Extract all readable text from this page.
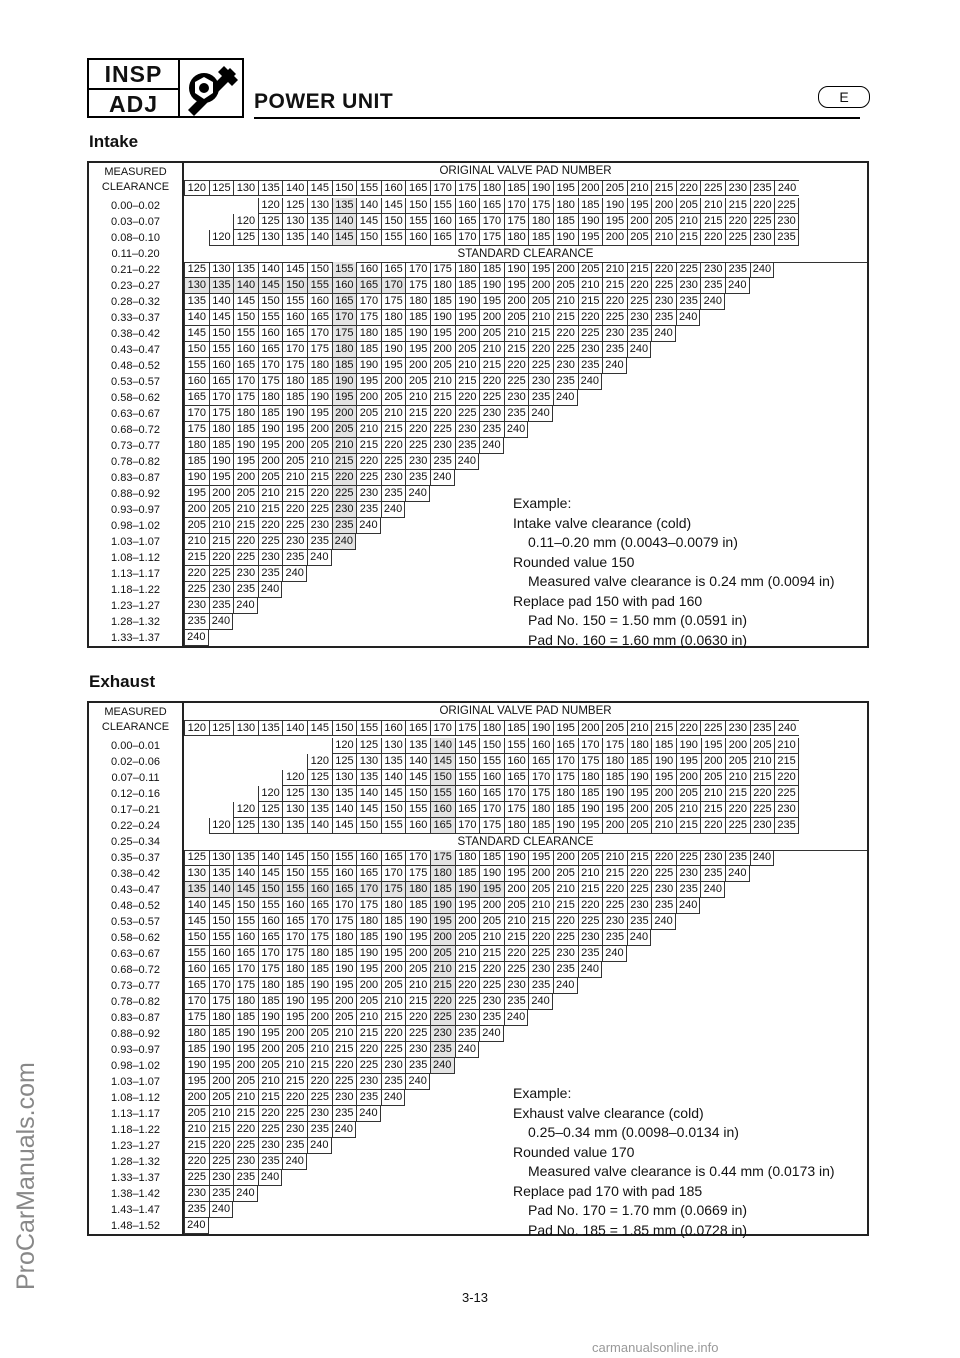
ProCarManuals.com
INSP
ADJ	POWER UNIT	E
Intake
MEASURED CLEARANCE
ORIGINAL VALVE PAD NUMBER
120 125 130 135 140 145 150 155 160 165 170 175 180 185 190 195 200 205 210 215 220 225 230 235 240
0.00–0.02	120 125 130 135 140 145 150 155 160 165 170 175 180 185 190 195 200 205 210 215 220 225
0.03–0.07	120 125 130 135 140 145 150 155 160 165 170 175 180 185 190 195 200 205 210 215 220 225 230
0.08–0.10	120 125 130 135 140 145 150 155 160 165 170 175 180 185 190 195 200 205 210 215 220 225 230 235
0.11–0.20	STANDARD CLEARANCE
0.21–0.22	125 130 135 140 145 150 155 160 165 170 175 180 185 190 195 200 205 210 215 220 225 230 235 240
0.23–0.27	130 135 140 145 150 155 160 165 170 175 180 185 190 195 200 205 210 215 220 225 230 235 240
0.28–0.32	135 140 145 150 155 160 165 170 175 180 185 190 195 200 205 210 215 220 225 230 235 240
0.33–0.37	140 145 150 155 160 165 170 175 180 185 190 195 200 205 210 215 220 225 230 235 240
0.38–0.42	145 150 155 160 165 170 175 180 185 190 195 200 205 210 215 220 225 230 235 240
0.43–0.47	150 155 160 165 170 175 180 185 190 195 200 205 210 215 220 225 230 235 240
0.48–0.52	155 160 165 170 175 180 185 190 195 200 205 210 215 220 225 230 235 240
0.53–0.57	160 165 170 175 180 185 190 195 200 205 210 215 220 225 230 235 240
0.58–0.62	165 170 175 180 185 190 195 200 205 210 215 220 225 230 235 240
0.63–0.67	170 175 180 185 190 195 200 205 210 215 220 225 230 235 240
0.68–0.72	175 180 185 190 195 200 205 210 215 220 225 230 235 240
0.73–0.77	180 185 190 195 200 205 210 215 220 225 230 235 240
0.78–0.82	185 190 195 200 205 210 215 220 225 230 235 240
0.83–0.87	190 195 200 205 210 215 220 225 230 235 240
0.88–0.92	195 200 205 210 215 220 225 230 235 240
0.93–0.97	200 205 210 215 220 225 230 235 240
0.98–1.02	205 210 215 220 225 230 235 240
1.03–1.07	210 215 220 225 230 235 240
1.08–1.12	215 220 225 230 235 240
1.13–1.17	220 225 230 235 240
1.18–1.22	225 230 235 240
1.23–1.27	230 235 240
1.28–1.32	235 240
1.33–1.37	240
Example:
Intake valve clearance (cold)
0.11–0.20 mm (0.0043–0.0079 in)
Rounded value 150
Measured valve clearance is 0.24 mm (0.0094 in)
Replace pad 150 with pad 160
Pad No. 150 = 1.50 mm (0.0591 in)
Pad No. 160 = 1.60 mm (0.0630 in)
Exhaust
MEASURED CLEARANCE
ORIGINAL VALVE PAD NUMBER
120 125 130 135 140 145 150 155 160 165 170 175 180 185 190 195 200 205 210 215 220 225 230 235 240
0.00–0.01	120 125 130 135 140 145 150 155 160 165 170 175 180 185 190 195 200 205 210
0.02–0.06	120 125 130 135 140 145 150 155 160 165 170 175 180 185 190 195 200 205 210 215
0.07–0.11	120 125 130 135 140 145 150 155 160 165 170 175 180 185 190 195 200 205 210 215 220
0.12–0.16	120 125 130 135 140 145 150 155 160 165 170 175 180 185 190 195 200 205 210 215 220 225
0.17–0.21	120 125 130 135 140 145 150 155 160 165 170 175 180 185 190 195 200 205 210 215 220 225 230
0.22–0.24	120 125 130 135 140 145 150 155 160 165 170 175 180 185 190 195 200 205 210 215 220 225 230 235
0.25–0.34	STANDARD CLEARANCE
0.35–0.37	125 130 135 140 145 150 155 160 165 170 175 180 185 190 195 200 205 210 215 220 225 230 235 240
0.38–0.42	130 135 140 145 150 155 160 165 170 175 180 185 190 195 200 205 210 215 220 225 230 235 240
0.43–0.47	135 140 145 150 155 160 165 170 175 180 185 190 195 200 205 210 215 220 225 230 235 240
0.48–0.52	140 145 150 155 160 165 170 175 180 185 190 195 200 205 210 215 220 225 230 235 240
0.53–0.57	145 150 155 160 165 170 175 180 185 190 195 200 205 210 215 220 225 230 235 240
0.58–0.62	150 155 160 165 170 175 180 185 190 195 200 205 210 215 220 225 230 235 240
0.63–0.67	155 160 165 170 175 180 185 190 195 200 205 210 215 220 225 230 235 240
0.68–0.72	160 165 170 175 180 185 190 195 200 205 210 215 220 225 230 235 240
0.73–0.77	165 170 175 180 185 190 195 200 205 210 215 220 225 230 235 240
0.78–0.82	170 175 180 185 190 195 200 205 210 215 220 225 230 235 240
0.83–0.87	175 180 185 190 195 200 205 210 215 220 225 230 235 240
0.88–0.92	180 185 190 195 200 205 210 215 220 225 230 235 240
0.93–0.97	185 190 195 200 205 210 215 220 225 230 235 240
0.98–1.02	190 195 200 205 210 215 220 225 230 235 240
1.03–1.07	195 200 205 210 215 220 225 230 235 240
1.08–1.12	200 205 210 215 220 225 230 235 240
1.13–1.17	205 210 215 220 225 230 235 240
1.18–1.22	210 215 220 225 230 235 240
1.23–1.27	215 220 225 230 235 240
1.28–1.32	220 225 230 235 240
1.33–1.37	225 230 235 240
1.38–1.42	230 235 240
1.43–1.47	235 240
1.48–1.52	240
Example:
Exhaust valve clearance (cold)
0.25–0.34 mm (0.0098–0.0134 in)
Rounded value 170
Measured valve clearance is 0.44 mm (0.0173 in)
Replace pad 170 with pad 185
Pad No. 170 = 1.70 mm (0.0669 in)
Pad No. 185 = 1.85 mm (0.0728 in)
3-13
carmanualsonline.info
